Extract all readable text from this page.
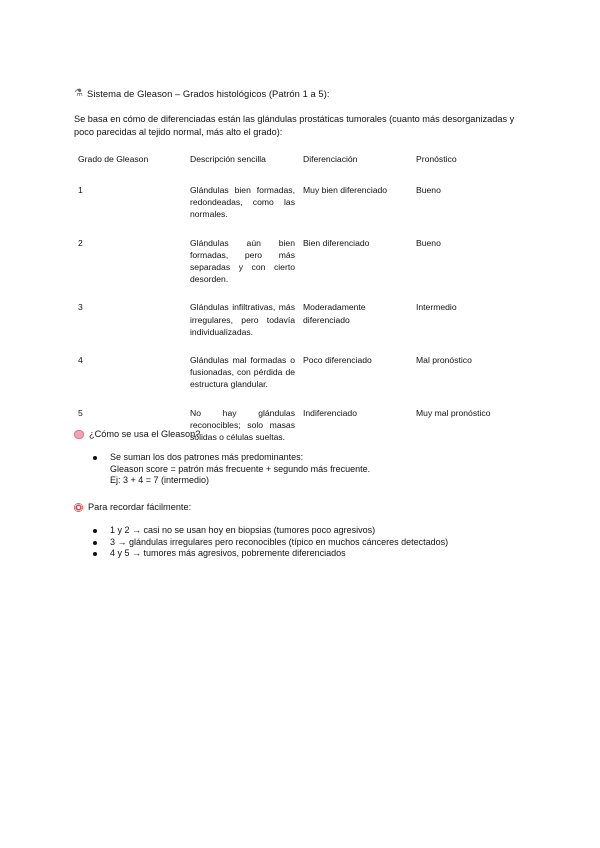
⚗ Sistema de Gleason – Grados histológicos (Patrón 1 a 5):
Se basa en cómo de diferenciadas están las glándulas prostáticas tumorales (cuanto más desorganizadas y poco parecidas al tejido normal, más alto el grado):
Grado de Gleason	Descripción sencilla	Diferenciación	Pronóstico
1	Glándulas bien formadas, redondeadas, como las normales.	Muy bien diferenciado	Bueno
2	Glándulas aún bien formadas, pero más separadas y con cierto desorden.	Bien diferenciado	Bueno
3	Glándulas infiltrativas, más irregulares, pero todavía individualizadas.	Moderadamente diferenciado	Intermedio
4	Glándulas mal formadas o fusionadas, con pérdida de estructura glandular.	Poco diferenciado	Mal pronóstico
5	No hay glándulas reconocibles; solo masas sólidas o células sueltas.	Indiferenciado	Muy mal pronóstico
¿Cómo se usa el Gleason?
Se suman los dos patrones más predominantes:
Gleason score = patrón más frecuente + segundo más frecuente.
Ej: 3 + 4 = 7 (intermedio)
Para recordar fácilmente:
1 y 2 → casi no se usan hoy en biopsias (tumores poco agresivos)
3 → glándulas irregulares pero reconocibles (típico en muchos cánceres detectados)
4 y 5 → tumores más agresivos, pobremente diferenciados
